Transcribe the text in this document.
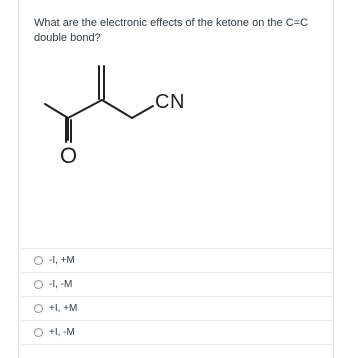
What are the electronic effects of the ketone on the C=C double bond?
CN
O
-I, +M
-I, -M
+I, +M
+I, -M
